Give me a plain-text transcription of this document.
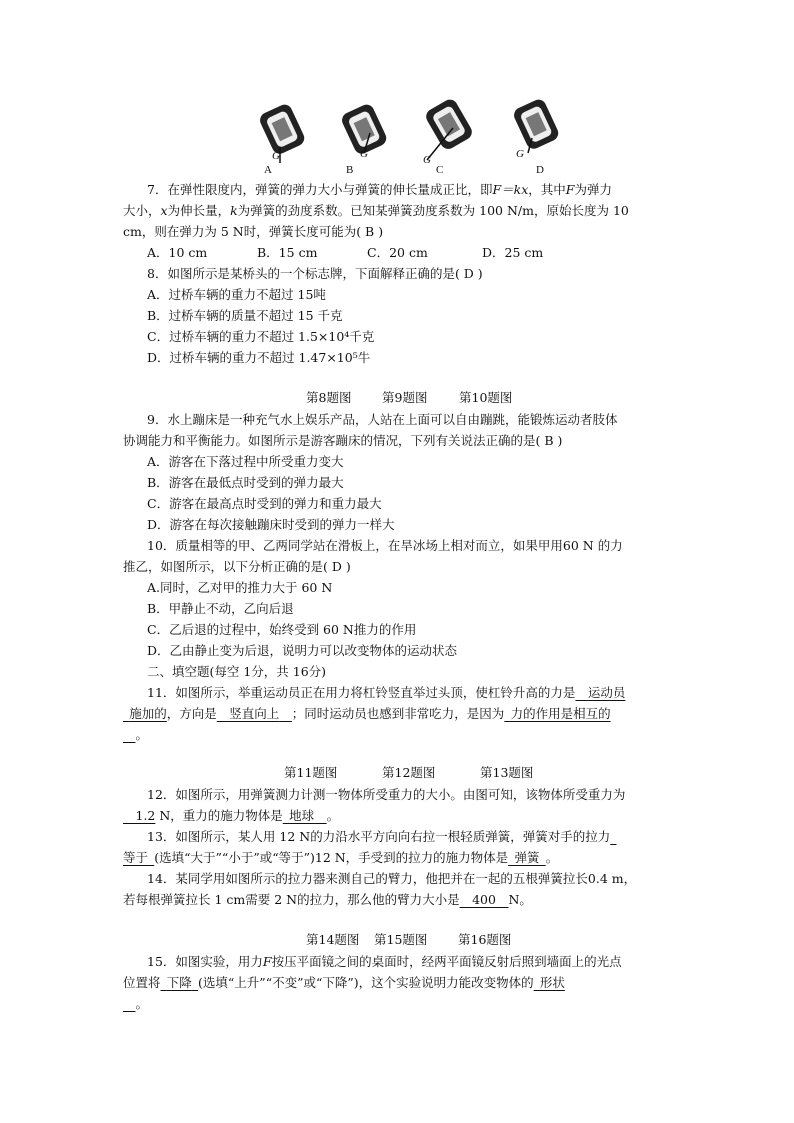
G	G	G	G
A	B	C	D
7．在弹性限度内，弹簧的弹力大小与弹簧的伸长量成正比，即F＝kx，其中F为弹力
大小，x为伸长量，k为弹簧的劲度系数。已知某弹簧劲度系数为 100 N/m，原始长度为 10
cm，则在弹力为 5 N时，弹簧长度可能为( B )
A．10 cm	B．15 cm	C．20 cm	D．25 cm
8．如图所示是某桥头的一个标志牌，下面解释正确的是( D )
A．过桥车辆的重力不超过 15吨
B．过桥车辆的质量不超过 15 千克
C．过桥车辆的重力不超过 1.5×10⁴千克
D．过桥车辆的重力不超过 1.47×10⁵牛
第8题图 第9题图	第10题图
9．水上蹦床是一种充气水上娱乐产品，人站在上面可以自由蹦跳，能锻炼运动者肢体
协调能力和平衡能力。如图所示是游客蹦床的情况，下列有关说法正确的是( B )
A．游客在下落过程中所受重力变大
B．游客在最低点时受到的弹力最大
C．游客在最高点时受到的弹力和重力最大
D．游客在每次接触蹦床时受到的弹力一样大
10．质量相等的甲、乙两同学站在滑板上，在旱冰场上相对而立，如果甲用60 N 的力
推乙，如图所示，以下分析正确的是( D )
A.同时，乙对甲的推力大于 60 N
B．甲静止不动，乙向后退
C．乙后退的过程中，始终受到 60 N推力的作用
D．乙由静止变为后退，说明力可以改变物体的运动状态
二、填空题(每空 1分，共 16分)
11．如图所示，举重运动员正在用力将杠铃竖直举过头顶，使杠铃升高的力是  运动员
 施加的，方向是  竖直向上  ；同时运动员也感到非常吃力，是因为  力的作用是相互的
 。
第11题图	第12题图	第13题图
12．如图所示，用弹簧测力计测一物体所受重力的大小。由图可知，该物体所受重力为
 1.2 N，重力的施力物体是  地球  。
13．如图所示，某人用 12 N的力沿水平方向向右拉一根轻质弹簧，弹簧对手的拉力 
等于  (选填“大于”“小于”或“等于”)12 N，手受到的拉力的施力物体是  弹簧  。
14．某同学用如图所示的拉力器来测自己的臂力，他把并在一起的五根弹簧拉长0.4 m，
若每根弹簧拉长 1 cm需要 2 N的拉力，那么他的臂力大小是  400  N。
第14题图 第15题图 第16题图
15．如图实验，用力F按压平面镜之间的桌面时，经两平面镜反射后照到墙面上的光点
位置将  下降  (选填“上升”“不变”或“下降”)，这个实验说明力能改变物体的  形状
 。
